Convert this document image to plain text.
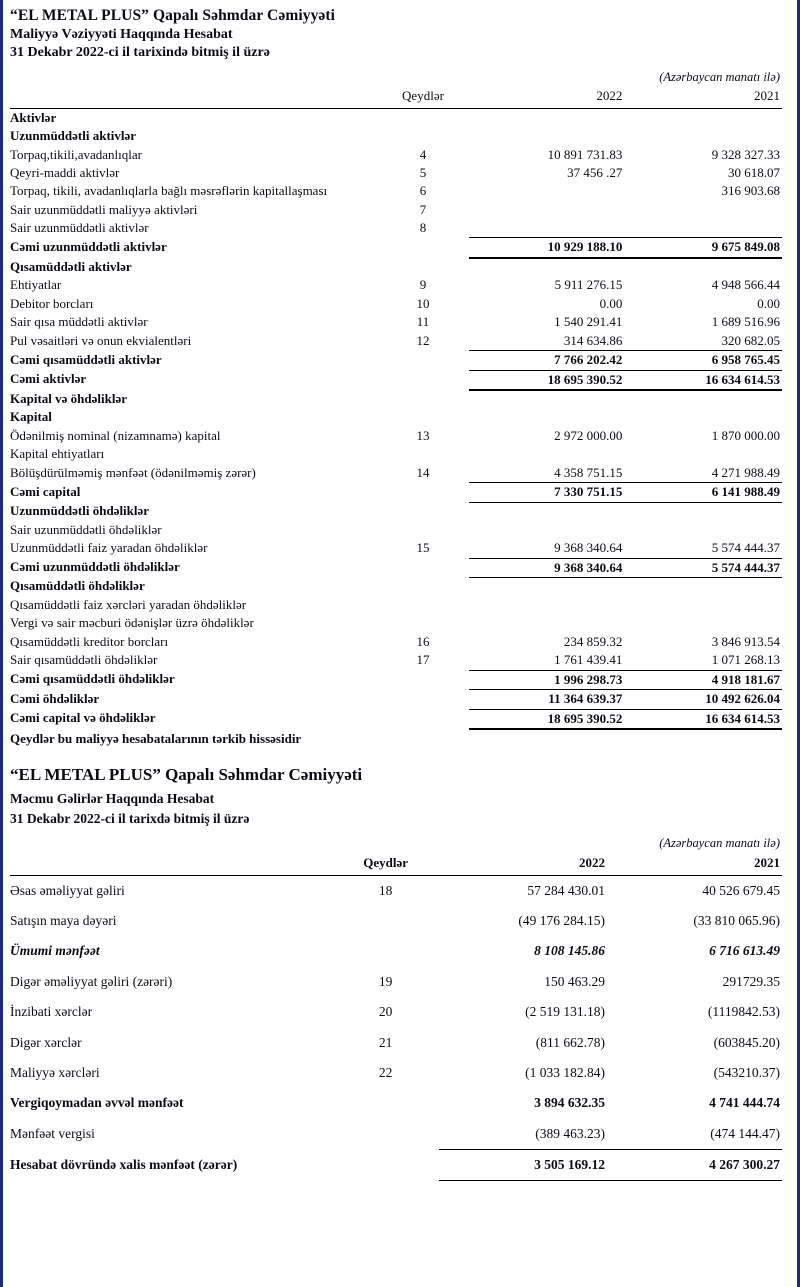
“EL METAL PLUS” Qapalı Səhmdar Cəmiyyəti

Maliyyə Vəziyyəti Haqqında Hesabat

31 Dekabr 2022-ci il tarixində bitmiş il üzrə

(Azərbaycan manatı ilə)
	Qeydlər	2022	2021
Aktivlər			
Uzunmüddətli aktivlər			
Torpaq,tikili,avadanlıqlar	4	10 891 731.83	9 328 327.33
Qeyri-maddi aktivlər	5	37 456 .27	30 618.07
Torpaq, tikili, avadanlıqlarla bağlı məsrəflərin kapitallaşması	6		316 903.68
Sair uzunmüddətli maliyyə aktivləri	7		
Sair uzunmüddətli aktivlər	8		
Cəmi uzunmüddətli aktivlər		10 929 188.10	9 675 849.08
Qısamüddətli aktivlər			
Ehtiyatlar	9	5 911 276.15	4 948 566.44
Debitor borcları	10	0.00	0.00
Sair qısa müddətli aktivlər	11	1 540 291.41	1 689 516.96
Pul vəsaitləri və onun ekvialentləri	12	314 634.86	320 682.05
Cəmi qısamüddətli aktivlər		7 766 202.42	6 958 765.45
Cəmi aktivlər		18 695 390.52	16 634 614.53
Kapital və öhdəliklər			
Kapital			
Ödənilmiş nominal (nizamnamə) kapital	13	2 972 000.00	1 870 000.00
Kapital ehtiyatları			
Bölüşdürülməmiş mənfəət (ödənilməmiş zərər)	14	4 358 751.15	4 271 988.49
Cəmi capital		7 330 751.15	6 141 988.49
Uzunmüddətli öhdəliklər			
Sair uzunmüddətli öhdəliklər			
Uzunmüddətli faiz yaradan öhdəliklər	15	9 368 340.64	5 574 444.37
Cəmi uzunmüddətli öhdəliklər		9 368 340.64	5 574 444.37
Qısamüddətli öhdəliklər			
Qısamüddətli faiz xərcləri yaradan öhdəliklər			
Vergi və sair məcburi ödənişlər üzrə öhdəliklər			
Qısamüddətli kreditor borcları	16	234 859.32	3 846 913.54
Sair qısamüddətli öhdəliklər	17	1 761 439.41	1 071 268.13
Cəmi qısamüddətli öhdəliklər		1 996 298.73	4 918 181.67
Cəmi öhdəliklər		11 364 639.37	10 492 626.04
Cəmi capital və öhdəliklər		18 695 390.52	16 634 614.53
Qeydlər bu maliyyə hesabatalarının tərkib hissəsidir

“EL METAL PLUS” Qapalı Səhmdar Cəmiyyəti

Məcmu Gəlirlər Haqqında Hesabat

31 Dekabr 2022-ci il tarixdə bitmiş il üzrə

(Azərbaycan manatı ilə)
	Qeydlər	2022	2021
Əsas əməliyyat gəliri	18	57 284 430.01	40 526 679.45
Satışın maya dəyəri		(49 176 284.15)	(33 810 065.96)
Ümumi mənfəət		8 108 145.86	6 716 613.49
Digər əməliyyat gəliri (zərəri)	19	150 463.29	291729.35
İnzibati xərclər	20	(2 519 131.18)	(1119842.53)
Digər xərclər	21	(811 662.78)	(603845.20)
Maliyyə xərcləri	22	(1 033 182.84)	(543210.37)
Vergiqoymadan əvvəl mənfəət		3 894 632.35	4 741 444.74
Mənfəət vergisi		(389 463.23)	(474 144.47)
Hesabat dövründə xalis mənfəət (zərər)		3 505 169.12	4 267 300.27
